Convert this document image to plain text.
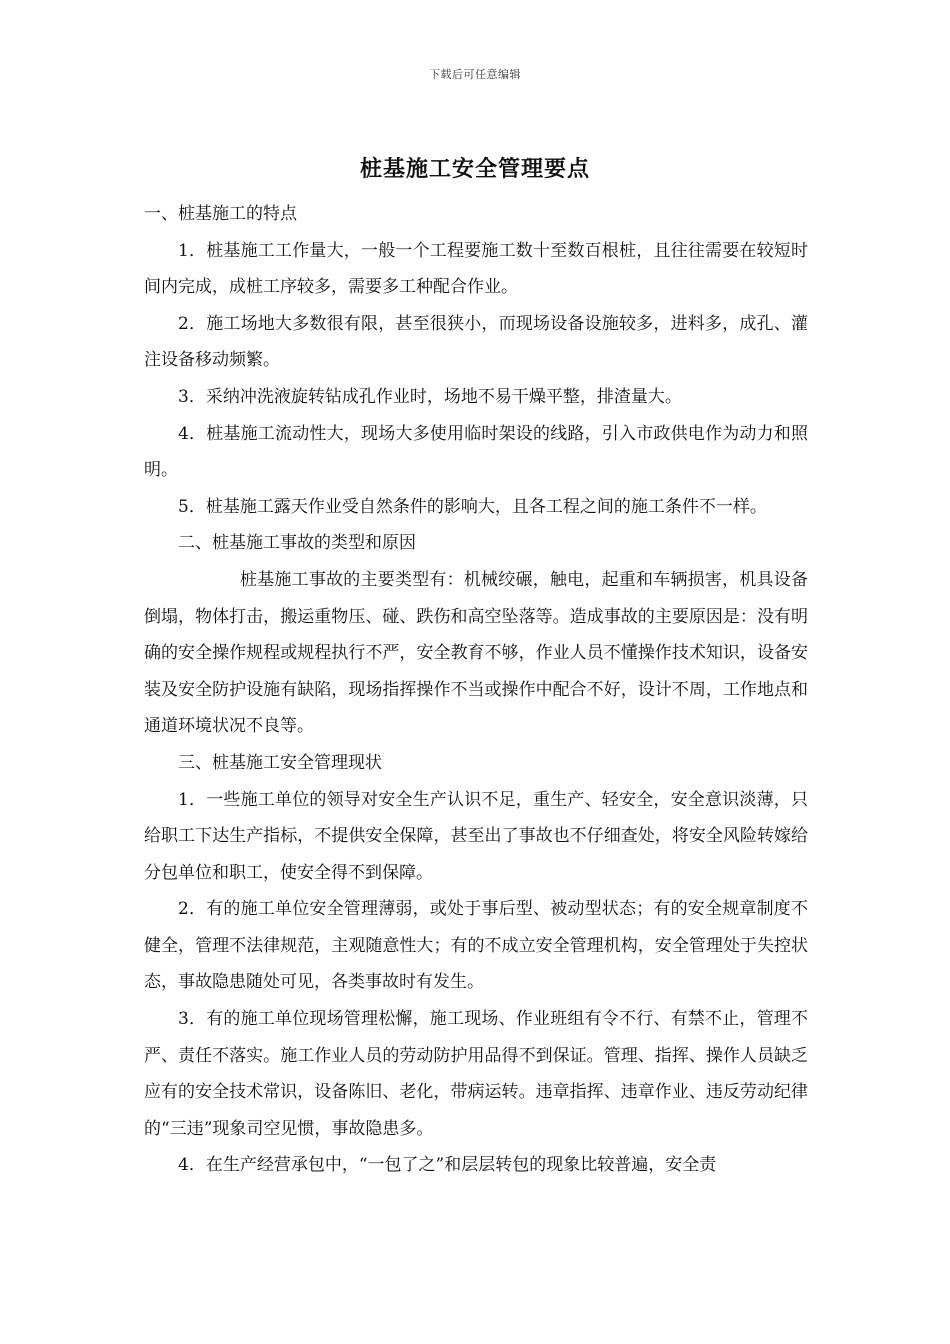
下载后可任意编辑
桩基施工安全管理要点

一、桩基施工的特点

1．桩基施工工作量大，一般一个工程要施工数十至数百根桩，且往往需要在较短时间内完成，成桩工序较多，需要多工种配合作业。

2．施工场地大多数很有限，甚至很狭小，而现场设备设施较多，进料多，成孔、灌注设备移动频繁。

3．采纳冲洗液旋转钻成孔作业时，场地不易干燥平整，排渣量大。

4．桩基施工流动性大，现场大多使用临时架设的线路，引入市政供电作为动力和照明。

5．桩基施工露天作业受自然条件的影响大，且各工程之间的施工条件不一样。

二、桩基施工事故的类型和原因

桩基施工事故的主要类型有：机械绞碾，触电，起重和车辆损害，机具设备倒塌，物体打击，搬运重物压、碰、跌伤和高空坠落等。造成事故的主要原因是：没有明确的安全操作规程或规程执行不严，安全教育不够，作业人员不懂操作技术知识，设备安装及安全防护设施有缺陷，现场指挥操作不当或操作中配合不好，设计不周，工作地点和通道环境状况不良等。

三、桩基施工安全管理现状

1．一些施工单位的领导对安全生产认识不足，重生产、轻安全，安全意识淡薄，只给职工下达生产指标，不提供安全保障，甚至出了事故也不仔细查处，将安全风险转嫁给分包单位和职工，使安全得不到保障。

2．有的施工单位安全管理薄弱，或处于事后型、被动型状态；有的安全规章制度不健全，管理不法律规范，主观随意性大；有的不成立安全管理机构，安全管理处于失控状态，事故隐患随处可见，各类事故时有发生。

3．有的施工单位现场管理松懈，施工现场、作业班组有令不行、有禁不止，管理不严、责任不落实。施工作业人员的劳动防护用品得不到保证。管理、指挥、操作人员缺乏应有的安全技术常识，设备陈旧、老化，带病运转。违章指挥、违章作业、违反劳动纪律的“三违”现象司空见惯，事故隐患多。

4．在生产经营承包中，“一包了之”和层层转包的现象比较普遍，安全责
